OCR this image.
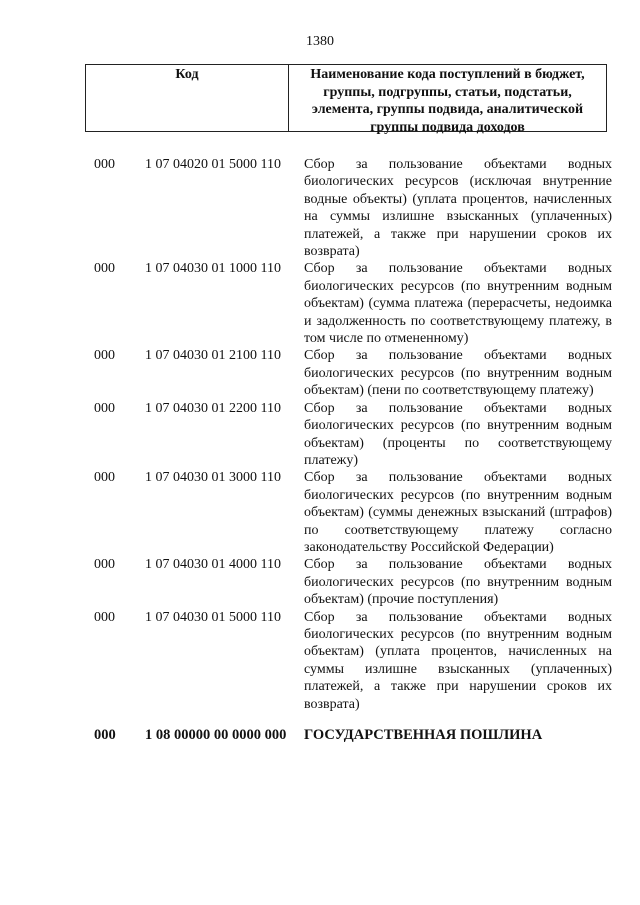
1380
Код	Наименование кода поступлений в бюджет, группы, подгруппы, статьи, подстатьи, элемента, группы подвида, аналитической группы подвида доходов
000	1 07 04020 01 5000 110	Сбор за пользование объектами водных биологических ресурсов (исключая внутренние водные объекты) (уплата процентов, начисленных на суммы излишне взысканных (уплаченных) платежей, а также при нарушении сроков их возврата)
000	1 07 04030 01 1000 110	Сбор за пользование объектами водных биологических ресурсов (по внутренним водным объектам) (сумма платежа (перерасчеты, недоимка и задолженность по соответствующему платежу, в том числе по отмененному)
000	1 07 04030 01 2100 110	Сбор за пользование объектами водных биологических ресурсов (по внутренним водным объектам) (пени по соответствующему платежу)
000	1 07 04030 01 2200 110	Сбор за пользование объектами водных биологических ресурсов (по внутренним водным объектам) (проценты по соответствующему платежу)
000	1 07 04030 01 3000 110	Сбор за пользование объектами водных биологических ресурсов (по внутренним водным объектам) (суммы денежных взысканий (штрафов) по соответствующему платежу согласно законодательству Российской Федерации)
000	1 07 04030 01 4000 110	Сбор за пользование объектами водных биологических ресурсов (по внутренним водным объектам) (прочие поступления)
000	1 07 04030 01 5000 110	Сбор за пользование объектами водных биологических ресурсов (по внутренним водным объектам) (уплата процентов, начисленных на суммы излишне взысканных (уплаченных) платежей, а также при нарушении сроков их возврата)
000	1 08 00000 00 0000 000	ГОСУДАРСТВЕННАЯ ПОШЛИНА
